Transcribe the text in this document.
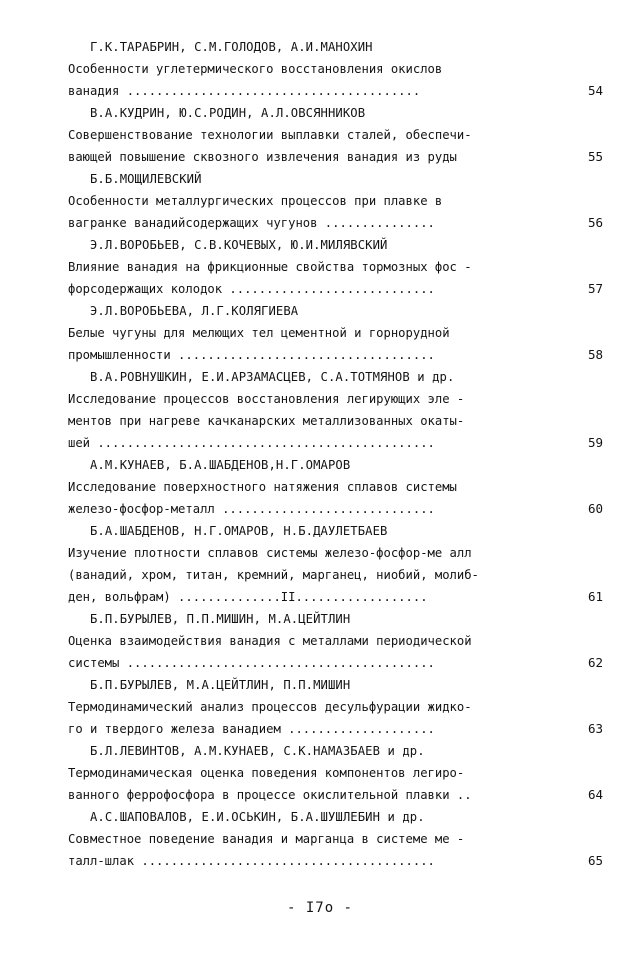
Г.К.ТАРАБРИН, С.М.ГОЛОДОВ, А.И.МАНОХИН
Особенности углетермического восстановления окислов
ванадия ........................................	54
В.А.КУДРИН, Ю.С.РОДИН, А.Л.ОВСЯННИКОВ
Совершенствование технологии выплавки сталей, обеспечи-
вающей повышение сквозного извлечения ванадия из руды	55
Б.Б.МОЩИЛЕВСКИЙ
Особенности металлургических процессов при плавке в
вагранке ванадийсодержащих чугунов ...............	56
Э.Л.ВОРОБЬЕВ, С.В.КОЧЕВЫХ, Ю.И.МИЛЯВСКИЙ
Влияние ванадия на фрикционные свойства тормозных фос -
форсодержащих колодок ............................	57
Э.Л.ВОРОБЬЕВА, Л.Г.КОЛЯГИЕВА
Белые чугуны для мелющих тел цементной и горнорудной
промышленности ...................................	58
В.А.РОВНУШКИН, Е.И.АРЗАМАСЦЕВ, С.А.ТОТМЯНОВ и др.
Исследование процессов восстановления легирующих эле -
ментов при нагреве качканарских металлизованных окаты-
шей ..............................................	59
А.М.КУНАЕВ, Б.А.ШАБДЕНОВ,Н.Г.ОМАРОВ
Исследование поверхностного натяжения сплавов системы
железо-фосфор-металл .............................	60
Б.А.ШАБДЕНОВ, Н.Г.ОМАРОВ, Н.Б.ДАУЛЕТБАЕВ
Изучение плотности сплавов системы железо-фосфор-ме алл
(ванадий, хром, титан, кремний, марганец, ниобий, молиб-
ден, вольфрам) ..............II..................	61
Б.П.БУРЫЛЕВ, П.П.МИШИН, М.А.ЦЕЙТЛИН
Оценка взаимодействия ванадия с металлами периодической
системы ..........................................	62
Б.П.БУРЫЛЕВ, М.А.ЦЕЙТЛИН, П.П.МИШИН
Термодинамический анализ процессов десульфурации жидко-
го и твердого железа ванадием ....................	63
Б.Л.ЛЕВИНТОВ, А.М.КУНАЕВ, С.К.НАМАЗБАЕВ и др.
Термодинамическая оценка поведения компонентов легиро-
ванного феррофосфора в процессе окислительной плавки ..	64
А.С.ШАПОВАЛОВ, Е.И.ОСЬКИН, Б.А.ШУШЛЕБИН и др.
Совместное поведение ванадия и марганца в системе ме -
талл-шлак ........................................	65
- I7o -
